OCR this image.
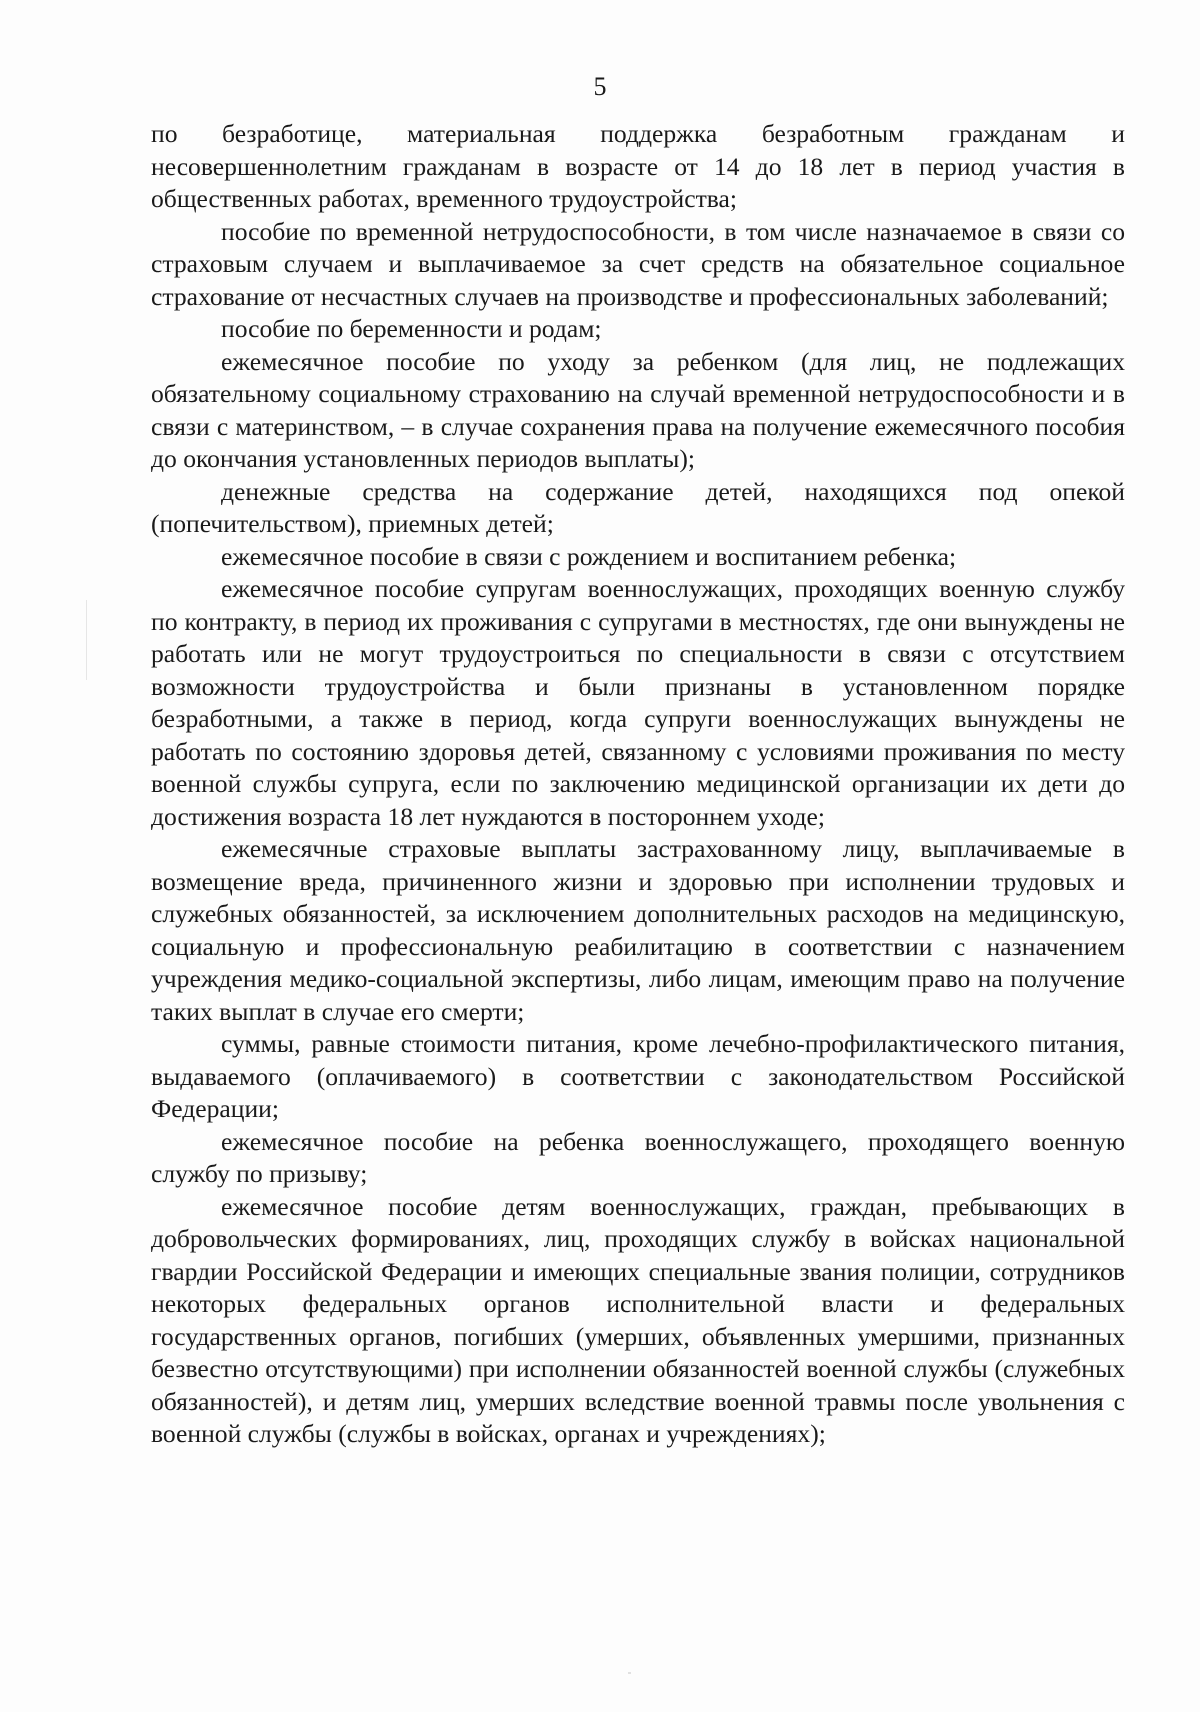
5

по безработице, материальная поддержка безработным гражданам и несовершеннолетним гражданам в возрасте от 14 до 18 лет в период участия в общественных работах, временного трудоустройства;

пособие по временной нетрудоспособности, в том числе назначаемое в связи со страховым случаем и выплачиваемое за счет средств на обязательное социальное страхование от несчастных случаев на производстве и профессиональных заболеваний;

пособие по беременности и родам;

ежемесячное пособие по уходу за ребенком (для лиц, не подлежащих обязательному социальному страхованию на случай временной нетрудоспособности и в связи с материнством, – в случае сохранения права на получение ежемесячного пособия до окончания установленных периодов выплаты);

денежные средства на содержание детей, находящихся под опекой (попечительством), приемных детей;

ежемесячное пособие в связи с рождением и воспитанием ребенка;

ежемесячное пособие супругам военнослужащих, проходящих военную службу по контракту, в период их проживания с супругами в местностях, где они вынуждены не работать или не могут трудоустроиться по специальности в связи с отсутствием возможности трудоустройства и были признаны в установленном порядке безработными, а также в период, когда супруги военнослужащих вынуждены не работать по состоянию здоровья детей, связанному с условиями проживания по месту военной службы супруга, если по заключению медицинской организации их дети до достижения возраста 18 лет нуждаются в постороннем уходе;

ежемесячные страховые выплаты застрахованному лицу, выплачиваемые в возмещение вреда, причиненного жизни и здоровью при исполнении трудовых и служебных обязанностей, за исключением дополнительных расходов на медицинскую, социальную и профессиональную реабилитацию в соответствии с назначением учреждения медико-социальной экспертизы, либо лицам, имеющим право на получение таких выплат в случае его смерти;

суммы, равные стоимости питания, кроме лечебно-профилактического питания, выдаваемого (оплачиваемого) в соответствии с законодательством Российской Федерации;

ежемесячное пособие на ребенка военнослужащего, проходящего военную службу по призыву;

ежемесячное пособие детям военнослужащих, граждан, пребывающих в добровольческих формированиях, лиц, проходящих службу в войсках национальной гвардии Российской Федерации и имеющих специальные звания полиции, сотрудников некоторых федеральных органов исполнительной власти и федеральных государственных органов, погибших (умерших, объявленных умершими, признанных безвестно отсутствующими) при исполнении обязанностей военной службы (служебных обязанностей), и детям лиц, умерших вследствие военной травмы после увольнения с военной службы (службы в войсках, органах и учреждениях);
